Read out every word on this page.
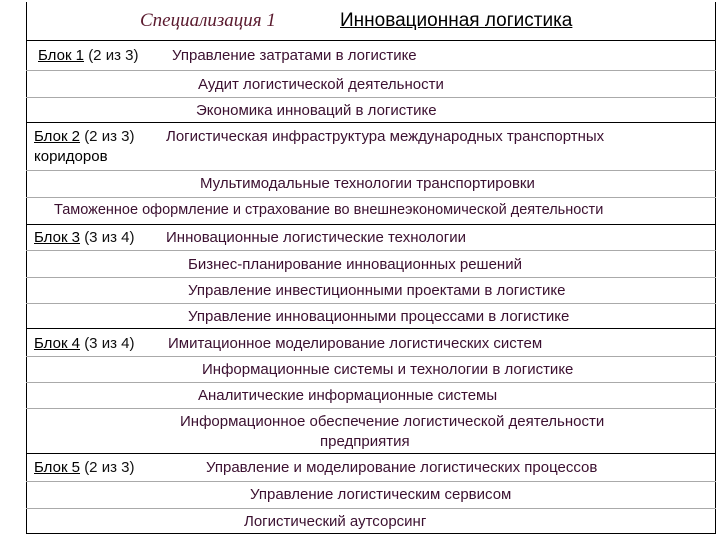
Специализация 1	Инновационная логистика
Блок 1 (2 из 3) Управление затратами в логистике
Аудит логистической деятельности
Экономика инноваций в логистике
Блок 2 (2 из 3) Логистическая инфраструктура международных транспортных
коридоров
Мультимодальные технологии транспортировки
Таможенное оформление и страхование во внешнеэкономической деятельности
Блок 3 (3 из 4) Инновационные логистические технологии
Бизнес-планирование инновационных решений
Управление инвестиционными проектами в логистике
Управление инновационными процессами в логистике
Блок 4 (3 из 4) Имитационное моделирование логистических систем
Информационные системы и технологии в логистике
Аналитические информационные системы
Информационное обеспечение логистической деятельности
предприятия
Блок 5 (2 из 3)	Управление и моделирование логистических процессов
Управление логистическим сервисом
Логистический аутсорсинг
